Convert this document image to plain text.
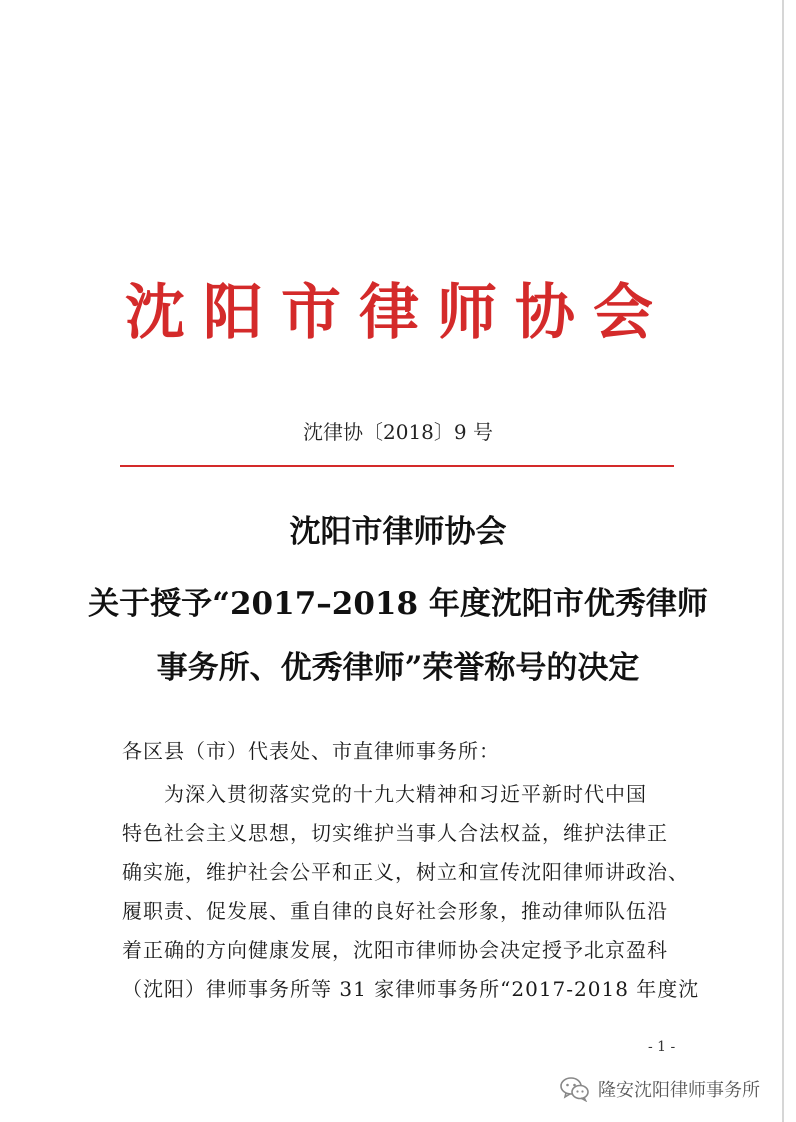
沈阳市律师协会
沈律协〔2018〕9 号
沈阳市律师协会
关于授予“2017–2018 年度沈阳市优秀律师
事务所、优秀律师”荣誉称号的决定
各区县（市）代表处、市直律师事务所：
　　为深入贯彻落实党的十九大精神和习近平新时代中国
特色社会主义思想，切实维护当事人合法权益，维护法律正
确实施，维护社会公平和正义，树立和宣传沈阳律师讲政治、
履职责、促发展、重自律的良好社会形象，推动律师队伍沿
着正确的方向健康发展，沈阳市律师协会决定授予北京盈科
（沈阳）律师事务所等 31 家律师事务所“2017-2018 年度沈
- 1 -
隆安沈阳律师事务所
